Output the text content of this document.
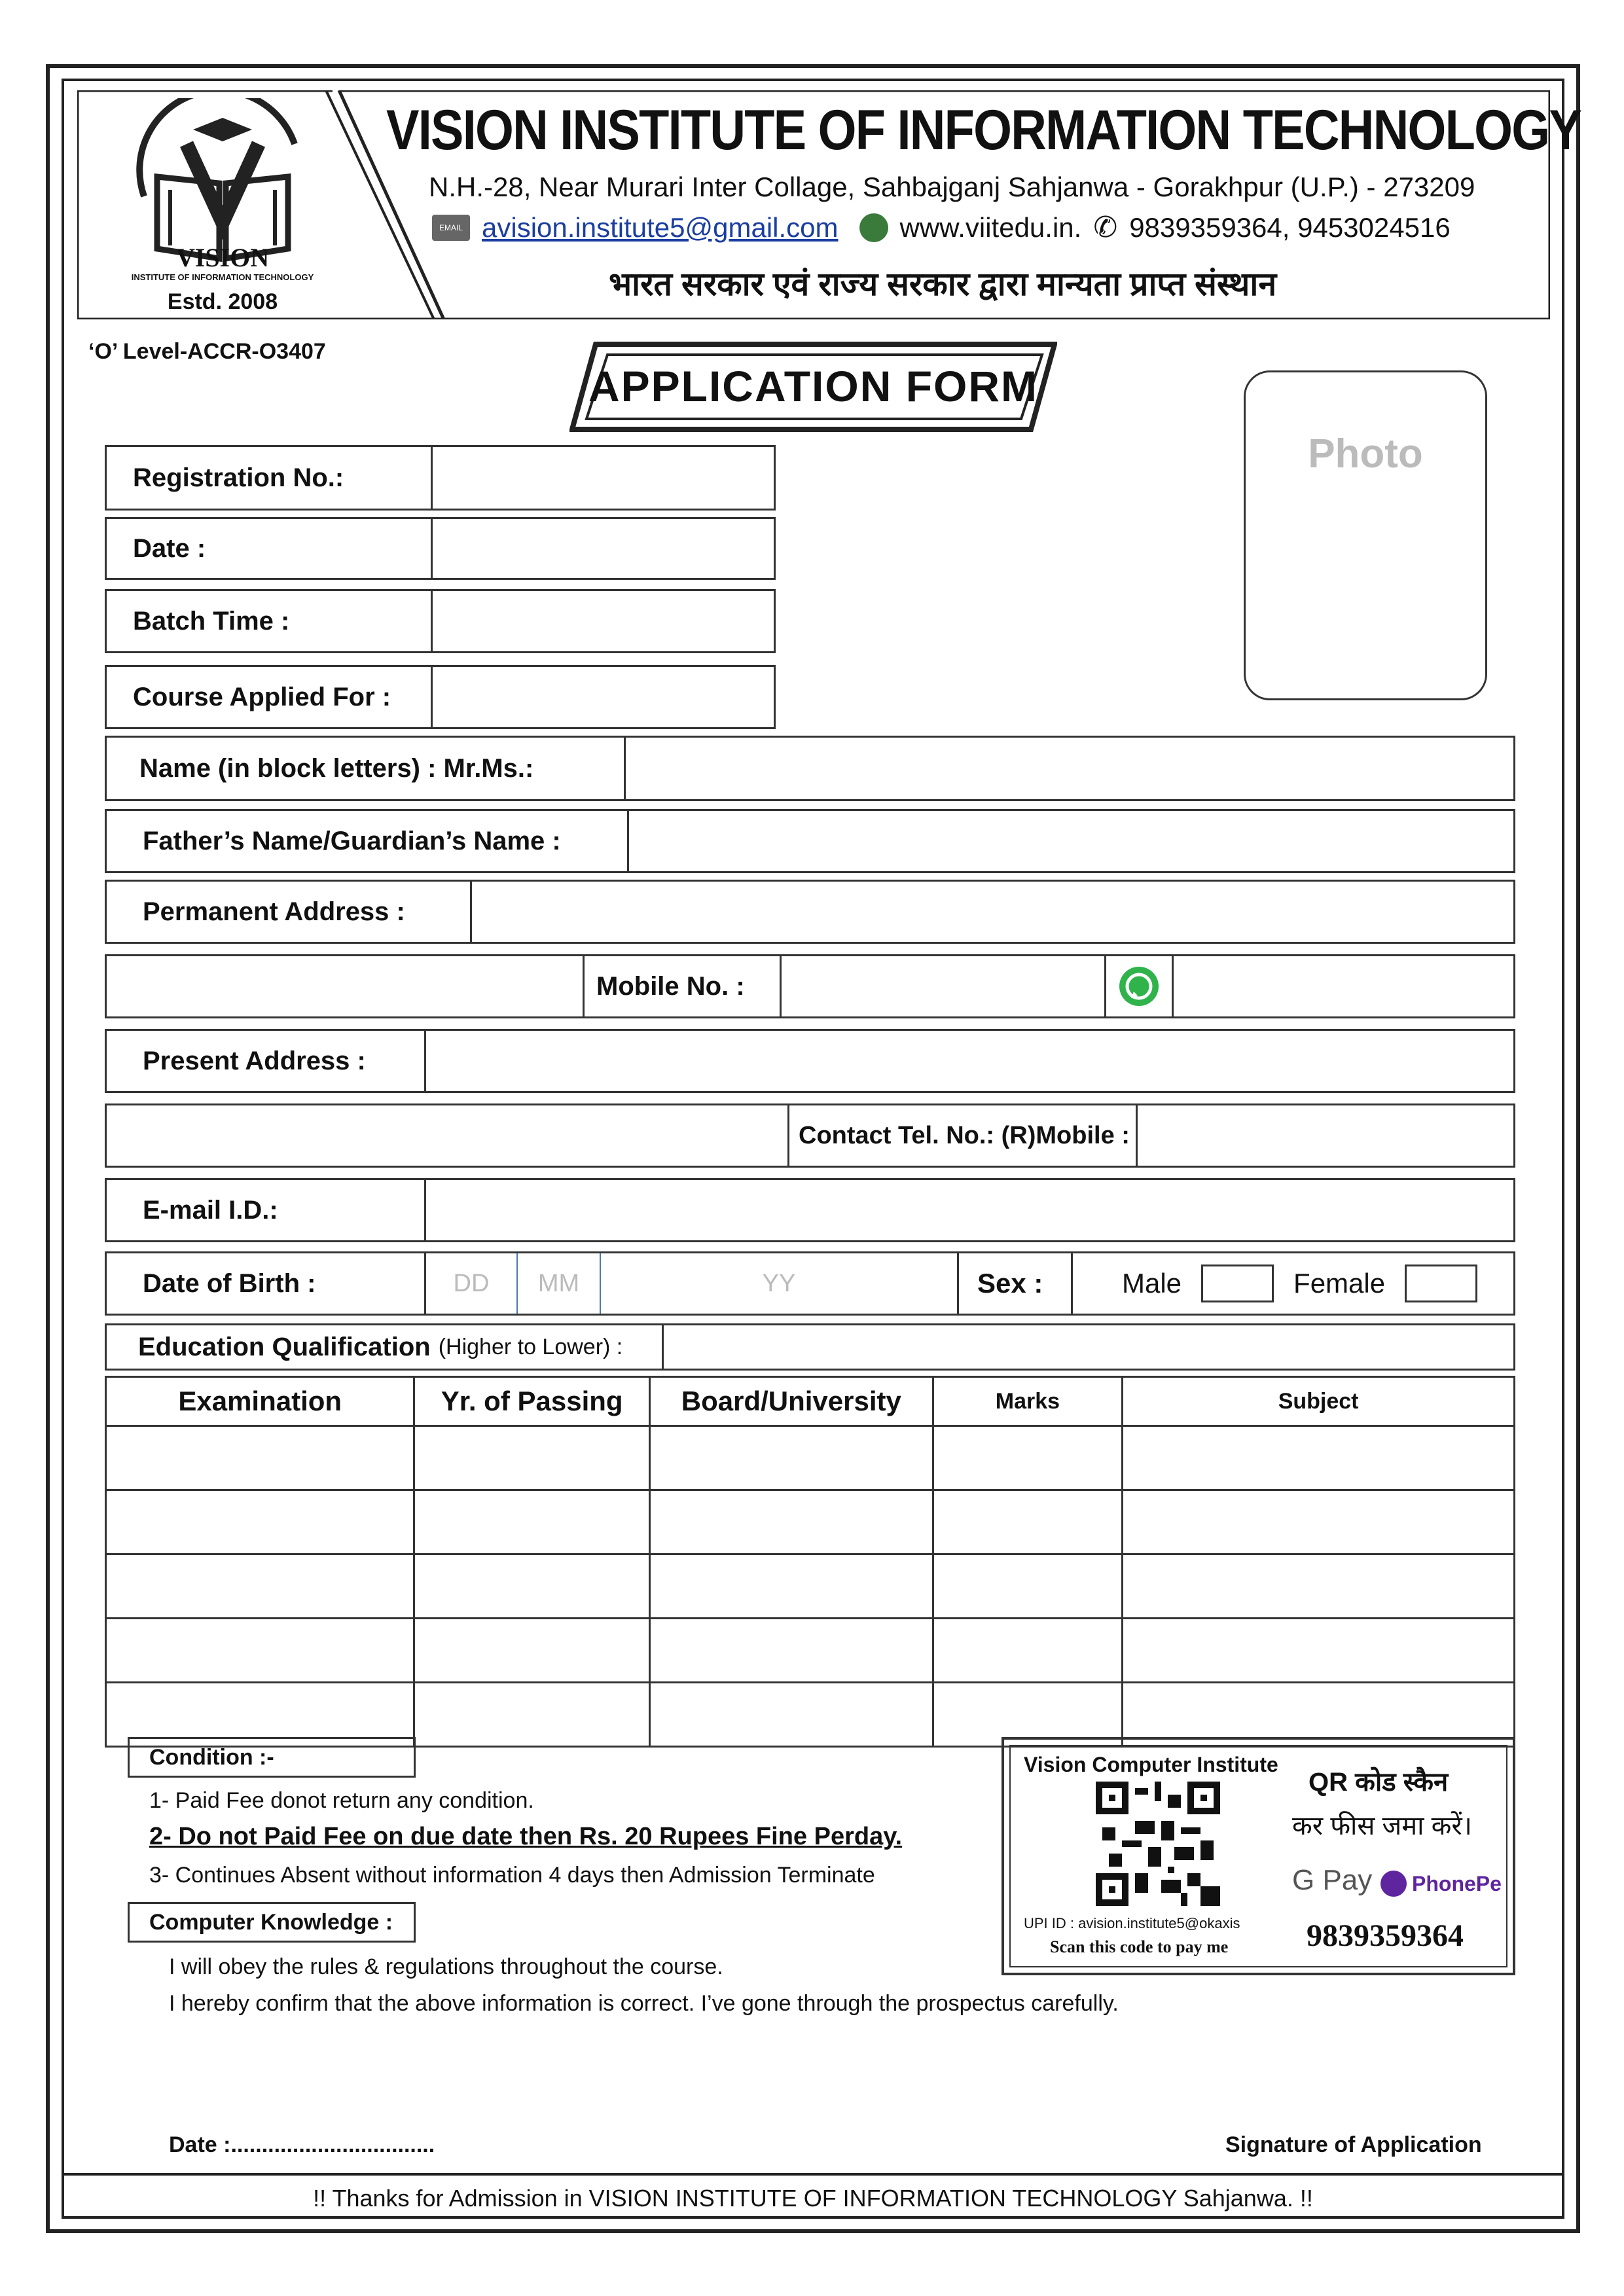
VISION
INSTITUTE OF INFORMATION TECHNOLOGY
Estd. 2008
VISION INSTITUTE OF INFORMATION TECHNOLOGY
N.H.-28, Near Murari Inter Collage, Sahbajganj Sahjanwa - Gorakhpur (U.P.) - 273209
EMAIL avision.institute5@gmail.com www.viitedu.in. ✆ 9839359364, 9453024516
भारत सरकार एवं राज्य सरकार द्वारा मान्यता प्राप्त संस्थान
‘O’ Level-ACCR-O3407
APPLICATION FORM
Photo
Registration No.:
Date :
Batch Time :
Course Applied For :
Name (in block letters) : Mr.Ms.:
Father’s Name/Guardian’s Name :
Permanent Address :
Mobile No. :
Present Address :
Contact Tel. No.: (R)Mobile :
E-mail I.D.:
Date of Birth :	DD	MM	YY	Sex :	Male	Female
Education Qualification (Higher to Lower) :
Examination	Yr. of Passing	Board/University	Marks	Subject

Condition :-
1- Paid Fee donot return any condition.
2- Do not Paid Fee on due date then Rs. 20 Rupees Fine Perday.
3- Continues Absent without information 4 days then Admission Terminate
Computer Knowledge :
I will obey the rules & regulations throughout the course.
I hereby confirm that the above information is correct. I’ve gone through the prospectus carefully.
Vision Computer Institute
QR कोड स्कैन
कर फीस जमा करें।
G Pay PhonePe
UPI ID : avision.institute5@okaxis
Scan this code to pay me 9839359364
Date :.................................	Signature of Application
!! Thanks for Admission in VISION INSTITUTE OF INFORMATION TECHNOLOGY Sahjanwa. !!
